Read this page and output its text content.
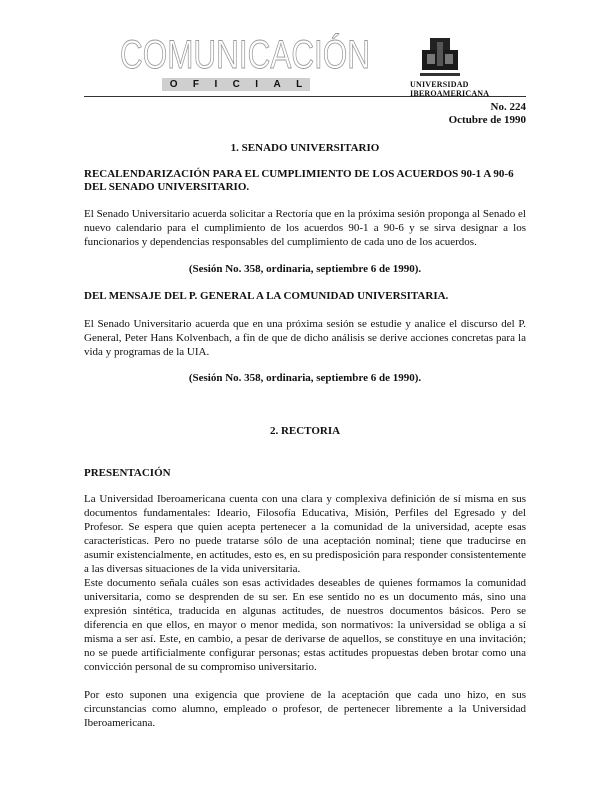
COMUNICACIÓN
O F I C I A L	UNIVERSIDAD
IBEROAMERICANA
No. 224
Octubre de 1990
1. SENADO UNIVERSITARIO
RECALENDARIZACIÓN PARA EL CUMPLIMIENTO DE LOS ACUERDOS 90-1 A 90-6 DEL SENADO UNIVERSITARIO.
El Senado Universitario acuerda solicitar a Rectoría que en la próxima sesión proponga al Senado el nuevo calendario para el cumplimiento de los acuerdos 90-1 a 90-6 y se sirva designar a los funcionarios y dependencias responsables del cumplimiento de cada uno de los acuerdos.
(Sesión No. 358, ordinaria, septiembre 6 de 1990).
DEL MENSAJE DEL P. GENERAL A LA COMUNIDAD UNIVERSITARIA.
El Senado Universitario acuerda que en una próxima sesión se estudie y analice el discurso del P. General, Peter Hans Kolvenbach, a fin de que de dicho análisis se derive acciones concretas para la vida y programas de la UIA.
(Sesión No. 358, ordinaria, septiembre 6 de 1990).
2. RECTORIA
PRESENTACIÓN
La Universidad Iberoamericana cuenta con una clara y complexiva definición de sí misma en sus documentos fundamentales: Ideario, Filosofía Educativa, Misión, Perfiles del Egresado y del Profesor. Se espera que quien acepta pertenecer a la comunidad de la universidad, acepte esas características. Pero no puede tratarse sólo de una aceptación nominal; tiene que traducirse en asumir existencialmente, en actitudes, esto es, en su predisposición para responder consistentemente a las diversas situaciones de la vida universitaria.
Este documento señala cuáles son esas actividades deseables de quienes formamos la comunidad universitaria, como se desprenden de su ser. En ese sentido no es un documento más, sino una expresión sintética, traducida en algunas actitudes, de nuestros documentos básicos. Pero se diferencia en que ellos, en mayor o menor medida, son normativos: la universidad se obliga a sí misma a ser así. Este, en cambio, a pesar de derivarse de aquellos, se constituye en una invitación; no se puede artificialmente configurar personas; estas actitudes propuestas deben brotar como una convicción personal de su compromiso universitario.
Por esto suponen una exigencia que proviene de la aceptación que cada uno hizo, en sus circunstancias como alumno, empleado o profesor, de pertenecer libremente a la Universidad Iberoamericana.
